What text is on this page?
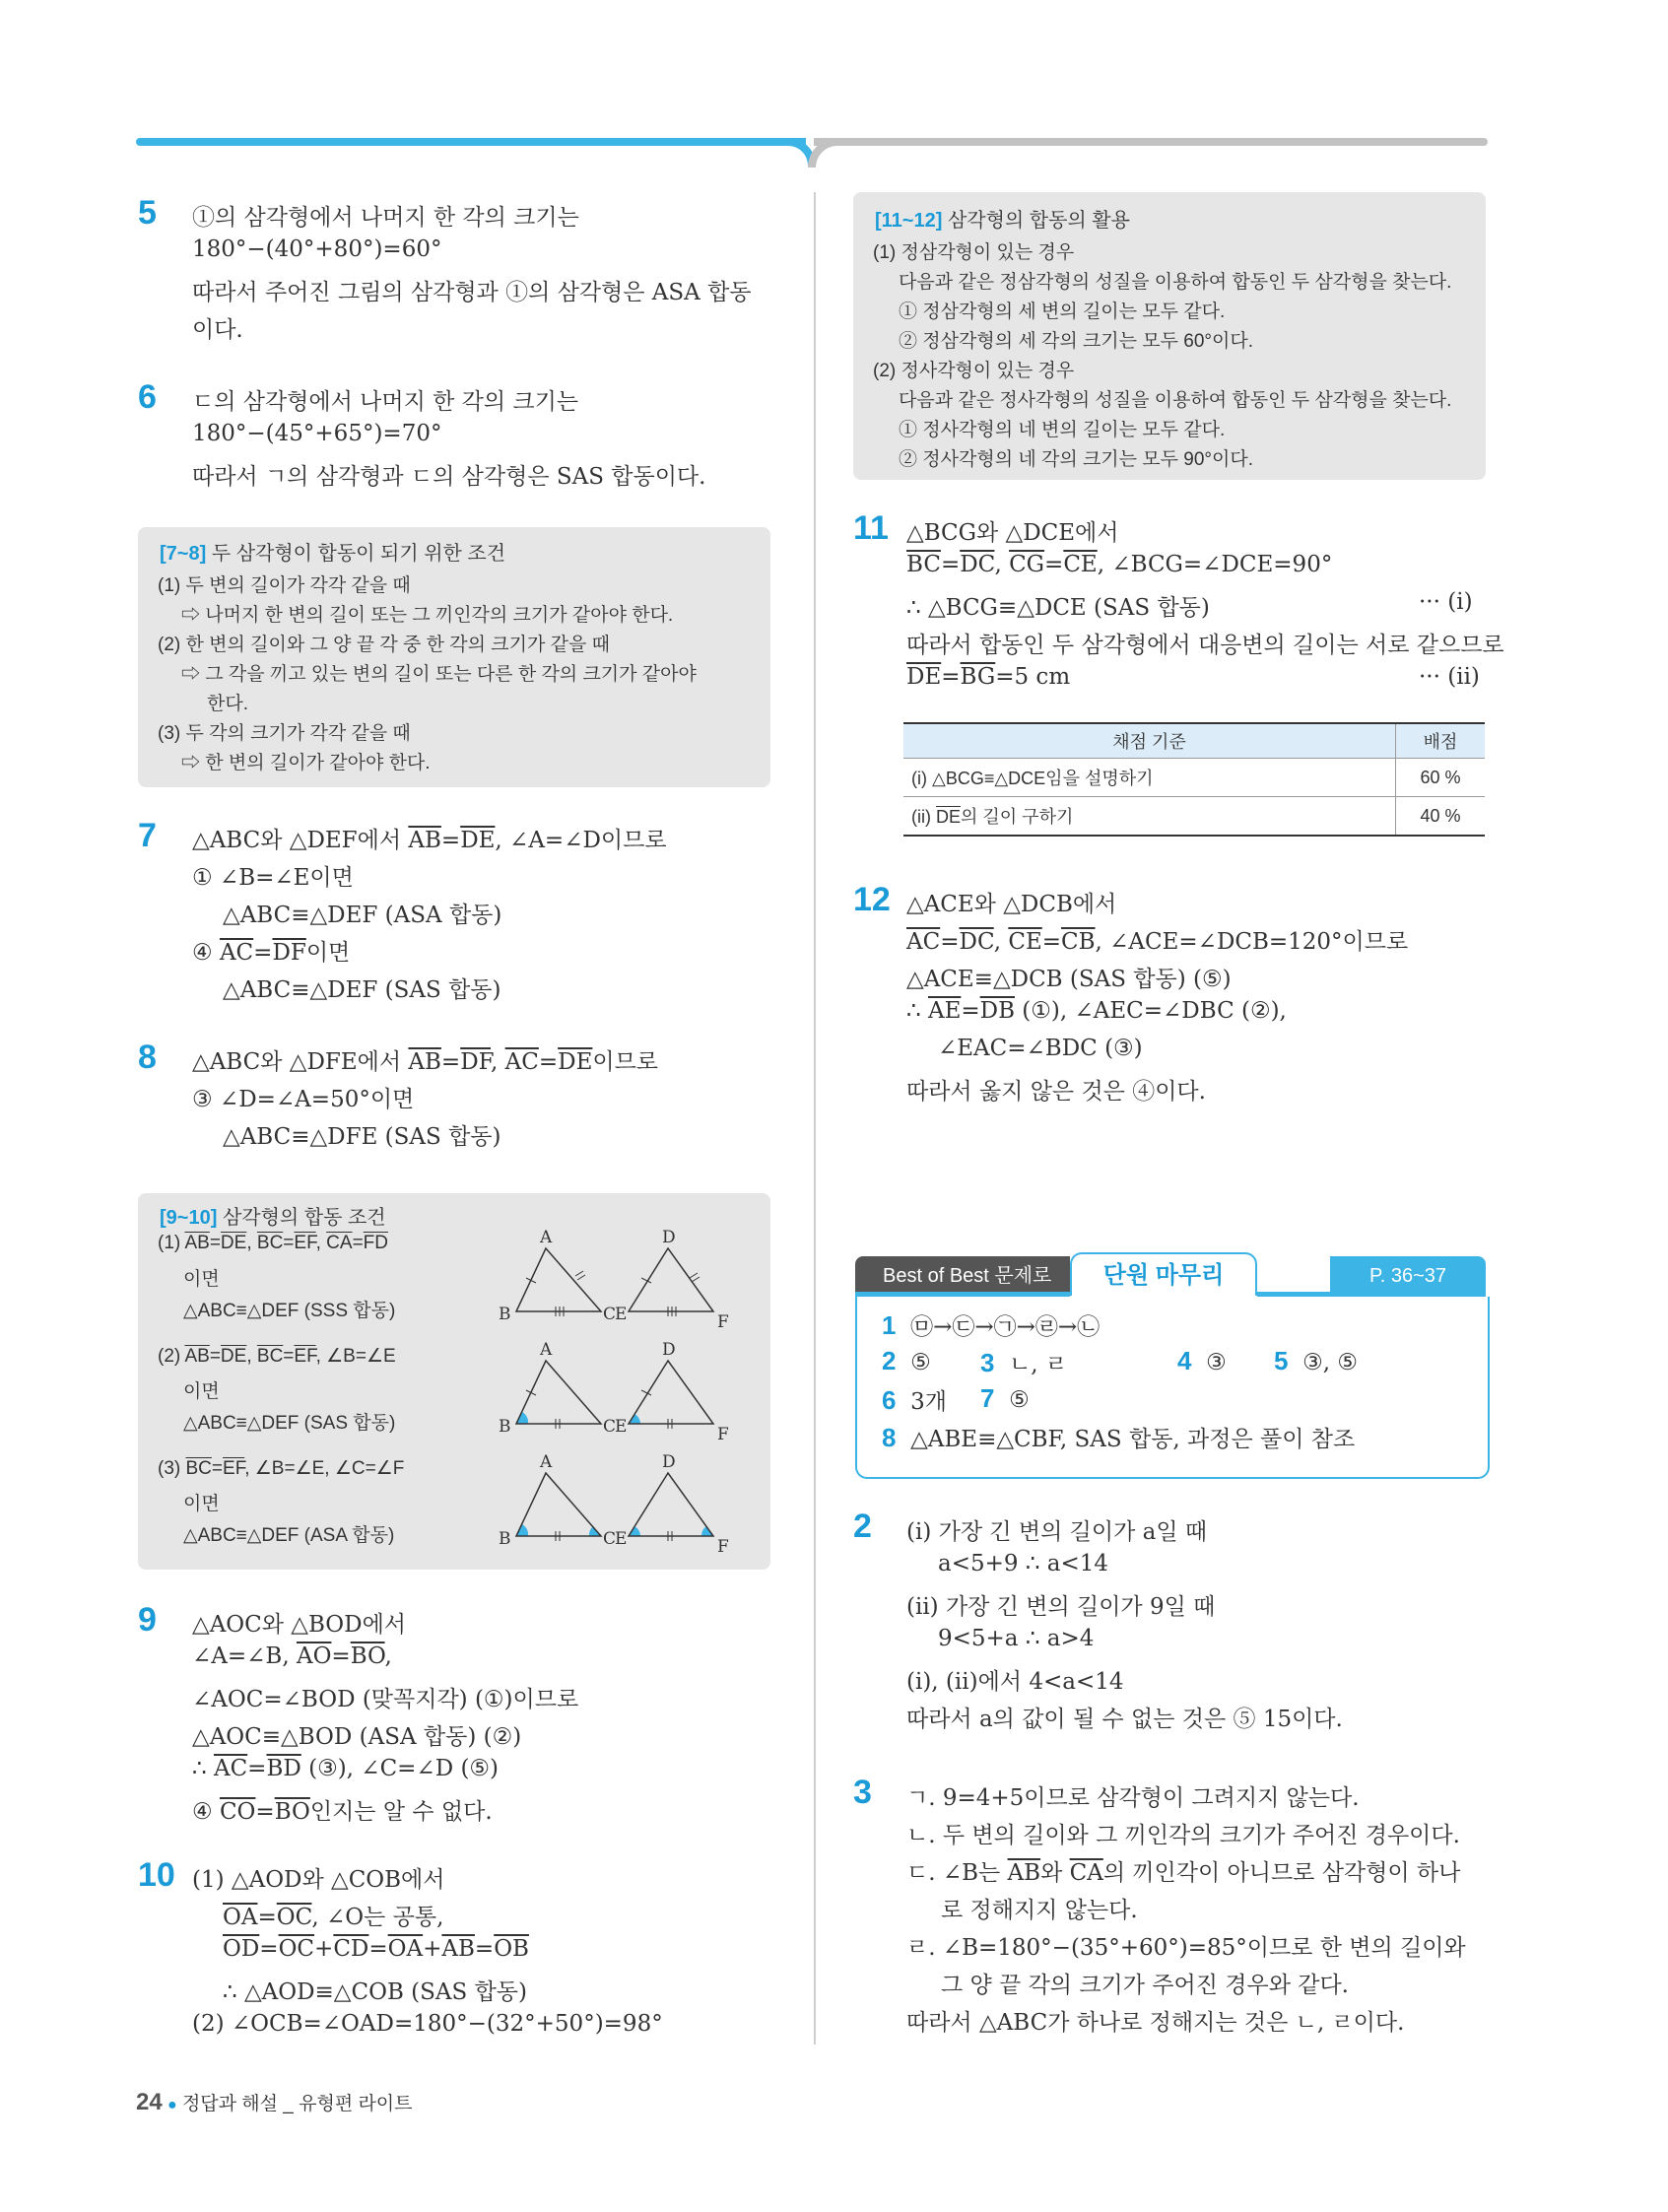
5 ①의 삼각형에서 나머지 한 각의 크기는
180°−(40°+80°)=60°
따라서 주어진 그림의 삼각형과 ①의 삼각형은 ASA 합동
이다.
6 ㄷ의 삼각형에서 나머지 한 각의 크기는
180°−(45°+65°)=70°
따라서 ㄱ의 삼각형과 ㄷ의 삼각형은 SAS 합동이다.
[7~8] 두 삼각형이 합동이 되기 위한 조건
(1) 두 변의 길이가 각각 같을 때
⇨ 나머지 한 변의 길이 또는 그 끼인각의 크기가 같아야 한다.
(2) 한 변의 길이와 그 양 끝 각 중 한 각의 크기가 같을 때
⇨ 그 각을 끼고 있는 변의 길이 또는 다른 한 각의 크기가 같아야
한다.
(3) 두 각의 크기가 각각 같을 때
⇨ 한 변의 길이가 같아야 한다.
7 △ABC와 △DEF에서 $\overline{AB}=\overline{DE}$, ∠A=∠D이므로
① ∠B=∠E이면
△ABC≡△DEF (ASA 합동)
④ $\overline{AC}=\overline{DF}$이면
△ABC≡△DEF (SAS 합동)
8 △ABC와 △DFE에서 $\overline{AB}=\overline{DF}$, $\overline{AC}=\overline{DE}$이므로
③ ∠D=∠A=50°이면
△ABC≡△DFE (SAS 합동)
[9~10] 삼각형의 합동 조건
(1) $\overline{AB}=\overline{DE}$, $\overline{BC}=\overline{EF}$, $\overline{CA}=\overline{FD}$
이면
△ABC≡△DEF (SSS 합동)
(2) $\overline{AB}=\overline{DE}$, $\overline{BC}=\overline{EF}$, ∠B=∠E
이면
△ABC≡△DEF (SAS 합동)
(3) $\overline{BC}=\overline{EF}$, ∠B=∠E, ∠C=∠F
이면
△ABC≡△DEF (ASA 합동)
A
B	C
D
E	F
A
B	C
D
E	F
A
B	C
D
E	F
9 △AOC와 △BOD에서
∠A=∠B, $\overline{AO}=\overline{BO}$,
∠AOC=∠BOD (맞꼭지각) (①)이므로
△AOC≡△BOD (ASA 합동) (②)
∴ $\overline{AC}=\overline{BD}$ (③), ∠C=∠D (⑤)
④ $\overline{CO}=\overline{BO}$인지는 알 수 없다.
10 (1) △AOD와 △COB에서
$\overline{OA}=\overline{OC}$, ∠O는 공통,
$\overline{OD}=\overline{OC}+\overline{CD}=\overline{OA}+\overline{AB}=\overline{OB}$
∴ △AOD≡△COB (SAS 합동)
(2) ∠OCB=∠OAD=180°−(32°+50°)=98°
[11~12] 삼각형의 합동의 활용
(1) 정삼각형이 있는 경우
다음과 같은 정삼각형의 성질을 이용하여 합동인 두 삼각형을 찾는다.
① 정삼각형의 세 변의 길이는 모두 같다.
② 정삼각형의 세 각의 크기는 모두 60°이다.
(2) 정사각형이 있는 경우
다음과 같은 정사각형의 성질을 이용하여 합동인 두 삼각형을 찾는다.
① 정사각형의 네 변의 길이는 모두 같다.
② 정사각형의 네 각의 크기는 모두 90°이다.
11 △BCG와 △DCE에서
$\overline{BC}=\overline{DC}$, $\overline{CG}=\overline{CE}$, ∠BCG=∠DCE=90°
∴ △BCG≡△DCE (SAS 합동)	··· (i)
따라서 합동인 두 삼각형에서 대응변의 길이는 서로 같으므로
$\overline{DE}=\overline{BG}=5$ cm	··· (ii)
채점 기준	배점
(i) △BCG≡△DCE임을 설명하기	60 %
(ii) $\overline{DE}$의 길이 구하기	40 %
12 △ACE와 △DCB에서
$\overline{AC}=\overline{DC}$, $\overline{CE}=\overline{CB}$, ∠ACE=∠DCB=120°이므로
△ACE≡△DCB (SAS 합동) (⑤)
∴ $\overline{AE}=\overline{DB}$ (①), ∠AEC=∠DBC (②),
∠EAC=∠BDC (③)
따라서 옳지 않은 것은 ④이다.
Best of Best 문제로	단원 마무리	P. 36~37
1 ㉤→㉢→㉠→㉣→㉡
2 ⑤ 3 ㄴ, ㄹ	4 ③ 5 ③, ⑤
6 3개 7 ⑤
8 △ABE≡△CBF, SAS 합동, 과정은 풀이 참조
2 (i) 가장 긴 변의 길이가 a일 때
a<5+9 ∴ a<14
(ii) 가장 긴 변의 길이가 9일 때
9<5+a ∴ a>4
(i), (ii)에서 4<a<14
따라서 a의 값이 될 수 없는 것은 ⑤ 15이다.
3 ㄱ. 9=4+5이므로 삼각형이 그려지지 않는다.
ㄴ. 두 변의 길이와 그 끼인각의 크기가 주어진 경우이다.
ㄷ. ∠B는 $\overline{AB}$와 $\overline{CA}$의 끼인각이 아니므로 삼각형이 하나
로 정해지지 않는다.
ㄹ. ∠B=180°−(35°+60°)=85°이므로 한 변의 길이와
그 양 끝 각의 크기가 주어진 경우와 같다.
따라서 △ABC가 하나로 정해지는 것은 ㄴ, ㄹ이다.
24 ● 정답과 해설 _ 유형편 라이트
